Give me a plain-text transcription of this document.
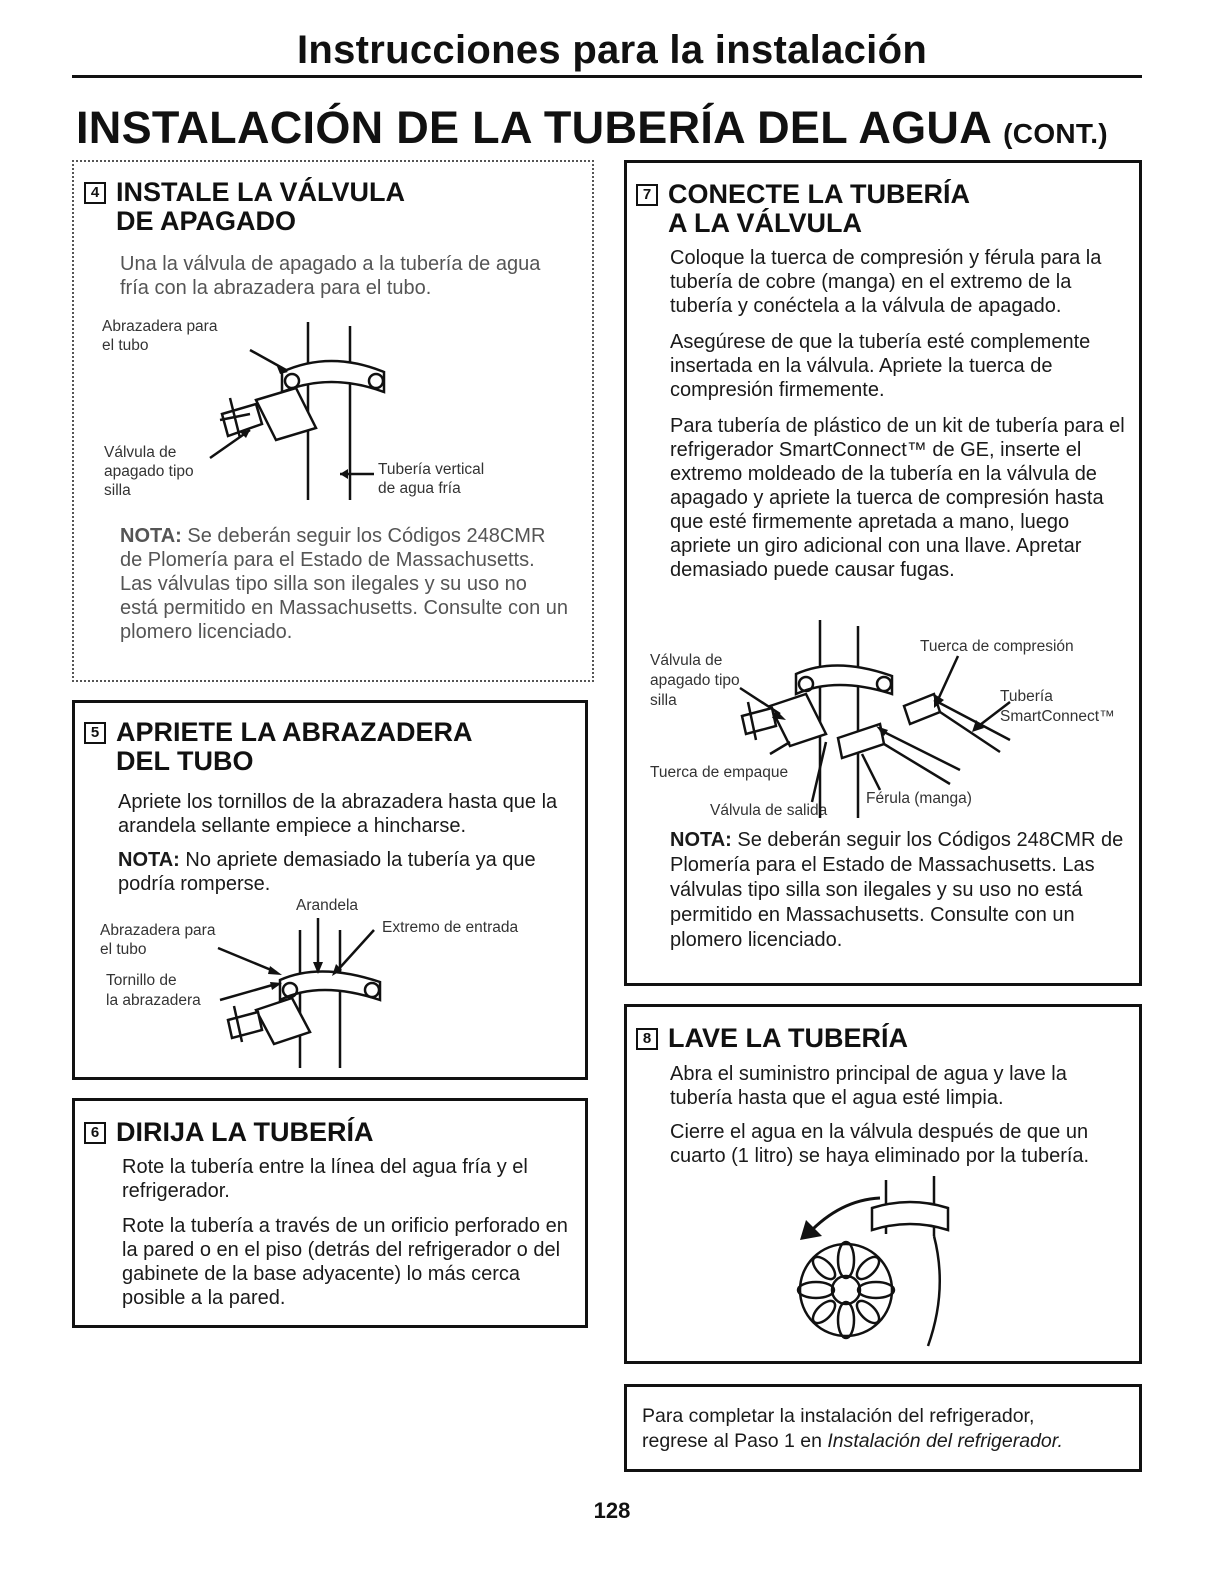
Instrucciones para la instalación
INSTALACIÓN DE LA TUBERÍA DEL AGUA (CONT.)
4 INSTALE LA VÁLVULA
DE APAGADO
Una la válvula de apagado a la tubería de agua fría con la abrazadera para el tubo.
Abrazadera para
el tubo
Válvula de
apagado tipo
silla
Tubería vertical
de agua fría
NOTA: Se deberán seguir los Códigos 248CMR de Plomería para el Estado de Massachusetts. Las válvulas tipo silla son ilegales y su uso no está permitido en Massachusetts. Consulte con un plomero licenciado.
5 APRIETE LA ABRAZADERA
DEL TUBO
Apriete los tornillos de la abrazadera hasta que la arandela sellante empiece a hincharse.
NOTA: No apriete demasiado la tubería ya que podría romperse.
Arandela
Extremo de entrada
Abrazadera para
el tubo
Tornillo de
la abrazadera
6 DIRIJA LA TUBERÍA
Rote la tubería entre la línea del agua fría y el refrigerador.
Rote la tubería a través de un orificio perforado en la pared o en el piso (detrás del refrigerador o del gabinete de la base adyacente) lo más cerca posible a la pared.
7 CONECTE LA TUBERÍA
A LA VÁLVULA
Coloque la tuerca de compresión y férula para la tubería de cobre (manga) en el extremo de la tubería y conéctela a la válvula de apagado.
Asegúrese de que la tubería esté complemente insertada en la válvula. Apriete la tuerca de compresión firmemente.
Para tubería de plástico de un kit de tubería para el refrigerador SmartConnect™ de GE, inserte el extremo moldeado de la tubería en la válvula de apagado y apriete la tuerca de compresión hasta que esté firmemente apretada a mano, luego apriete un giro adicional con una llave. Apretar demasiado puede causar fugas.
Tuerca de compresión
Válvula de
apagado tipo
silla	Tubería
SmartConnect™
Tuerca de empaque
Férula (manga)
Válvula de salida
NOTA: Se deberán seguir los Códigos 248CMR de Plomería para el Estado de Massachusetts. Las válvulas tipo silla son ilegales y su uso no está permitido en Massachusetts. Consulte con un plomero licenciado.
8 LAVE LA TUBERÍA
Abra el suministro principal de agua y lave la tubería hasta que el agua esté limpia.
Cierre el agua en la válvula después de que un cuarto (1 litro) se haya eliminado por la tubería.
Para completar la instalación del refrigerador,
regrese al Paso 1 en Instalación del refrigerador.
128
